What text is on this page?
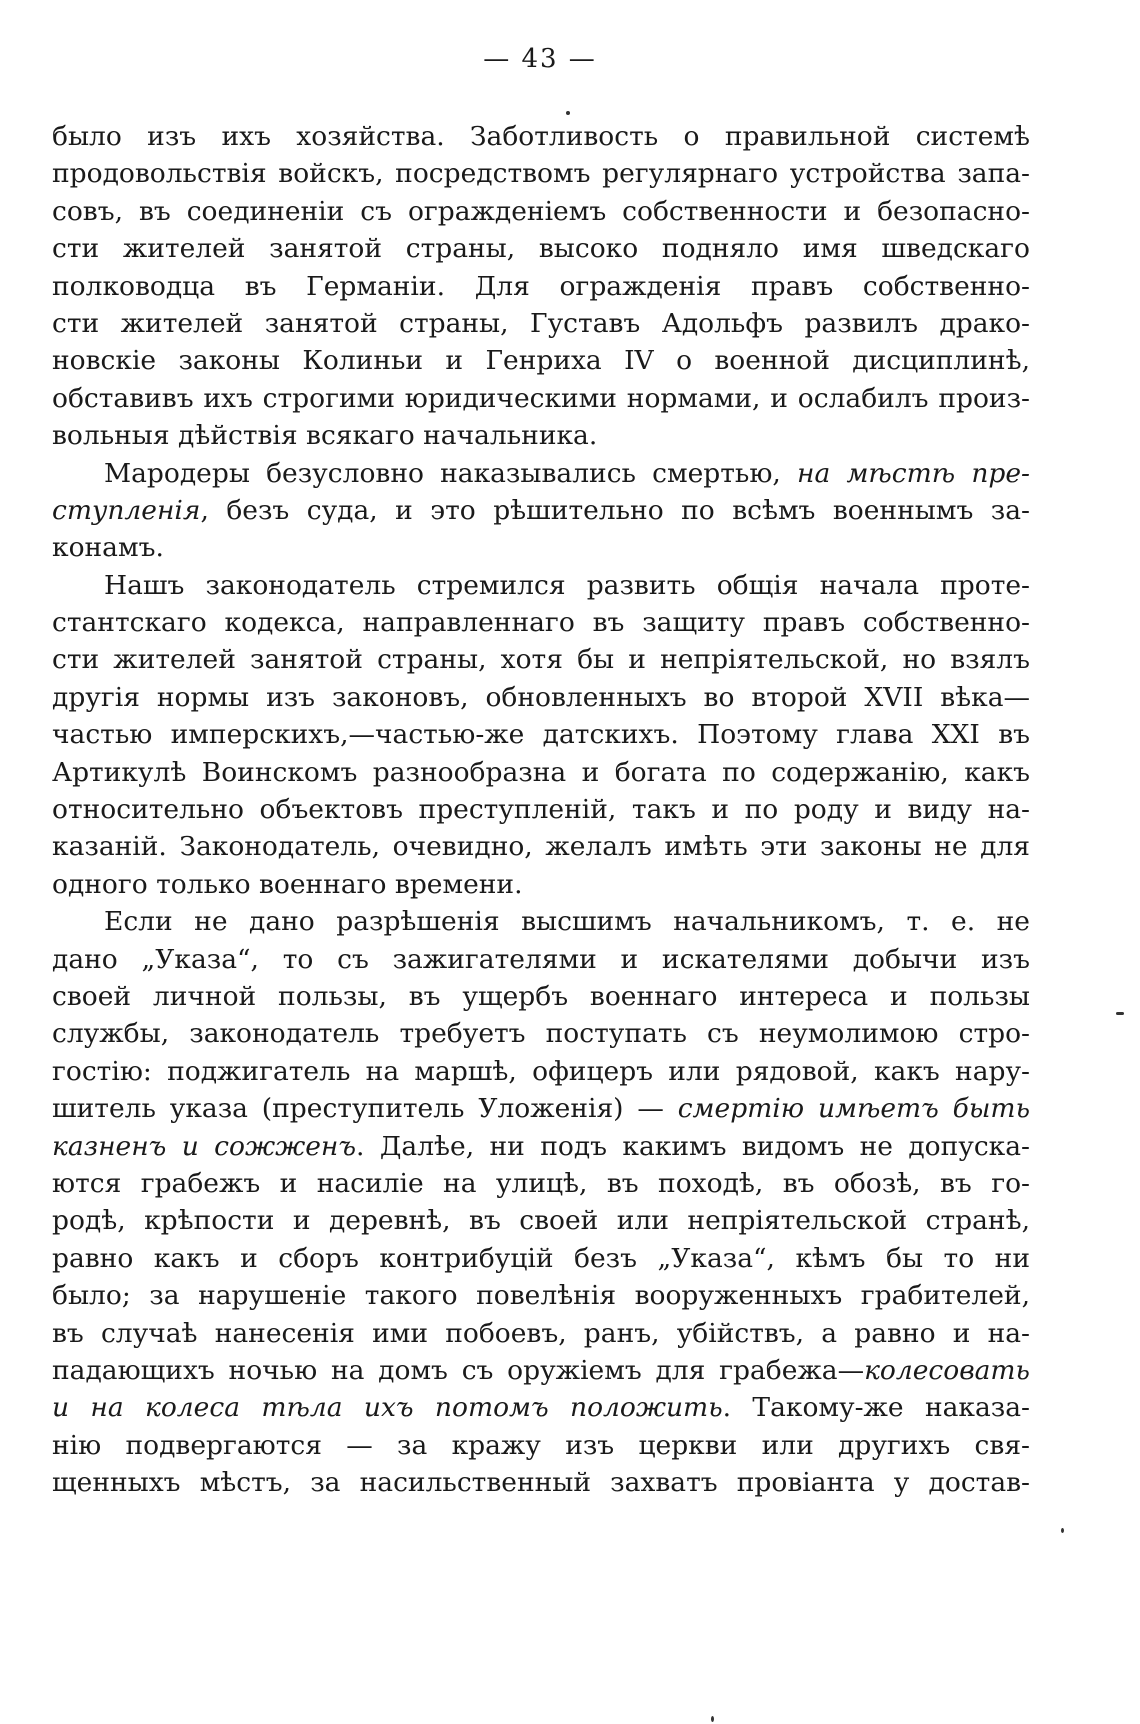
— 43 —
было изъ ихъ хозяйства. Заботливость о правильной системѣ
продовольствія войскъ, посредствомъ регулярнаго устройства запа-
совъ, въ соединеніи съ огражденіемъ собственности и безопасно-
сти жителей занятой страны, высоко подняло имя шведскаго
полководца въ Германіи. Для огражденія правъ собственно-
сти жителей занятой страны, Густавъ Адольфъ развилъ драко-
новскіе законы Колиньи и Генриха IV о военной дисциплинѣ,
обставивъ ихъ строгими юридическими нормами, и ослабилъ произ-
вольныя дѣйствія всякаго начальника.
Мародеры безусловно наказывались смертью, на мѣстѣ пре-
ступленія, безъ суда, и это рѣшительно по всѣмъ военнымъ за-
конамъ.
Нашъ законодатель стремился развить общія начала проте-
стантскаго кодекса, направленнаго въ защиту правъ собственно-
сти жителей занятой страны, хотя бы и непріятельской, но взялъ
другія нормы изъ законовъ, обновленныхъ во второй XVII вѣка—
частью имперскихъ,—частью-же датскихъ. Поэтому глава XXI въ
Артикулѣ Воинскомъ разнообразна и богата по содержанію, какъ
относительно объектовъ преступленій, такъ и по роду и виду на-
казаній. Законодатель, очевидно, желалъ имѣть эти законы не для
одного только военнаго времени.
Если не дано разрѣшенія высшимъ начальникомъ, т. е. не
дано „Указа“, то съ зажигателями и искателями добычи изъ
своей личной пользы, въ ущербъ военнаго интереса и пользы
службы, законодатель требуетъ поступать съ неумолимою стро-
гостію: поджигатель на маршѣ, офицеръ или рядовой, какъ нару-
шитель указа (преступитель Уложенія) — смертію имѣетъ быть
казненъ и сожженъ. Далѣе, ни подъ какимъ видомъ не допуска-
ются грабежъ и насиліе на улицѣ, въ походѣ, въ обозѣ, въ го-
родѣ, крѣпости и деревнѣ, въ своей или непріятельской странѣ,
равно какъ и сборъ контрибуцій безъ „Указа“, кѣмъ бы то ни
было; за нарушеніе такого повелѣнія вооруженныхъ грабителей,
въ случаѣ нанесенія ими побоевъ, ранъ, убійствъ, а равно и на-
падающихъ ночью на домъ съ оружіемъ для грабежа—колесовать
и на колеса тѣла ихъ потомъ положить. Такому-же наказа-
нію подвергаются — за кражу изъ церкви или другихъ свя-
щенныхъ мѣстъ, за насильственный захватъ провіанта у достав-
